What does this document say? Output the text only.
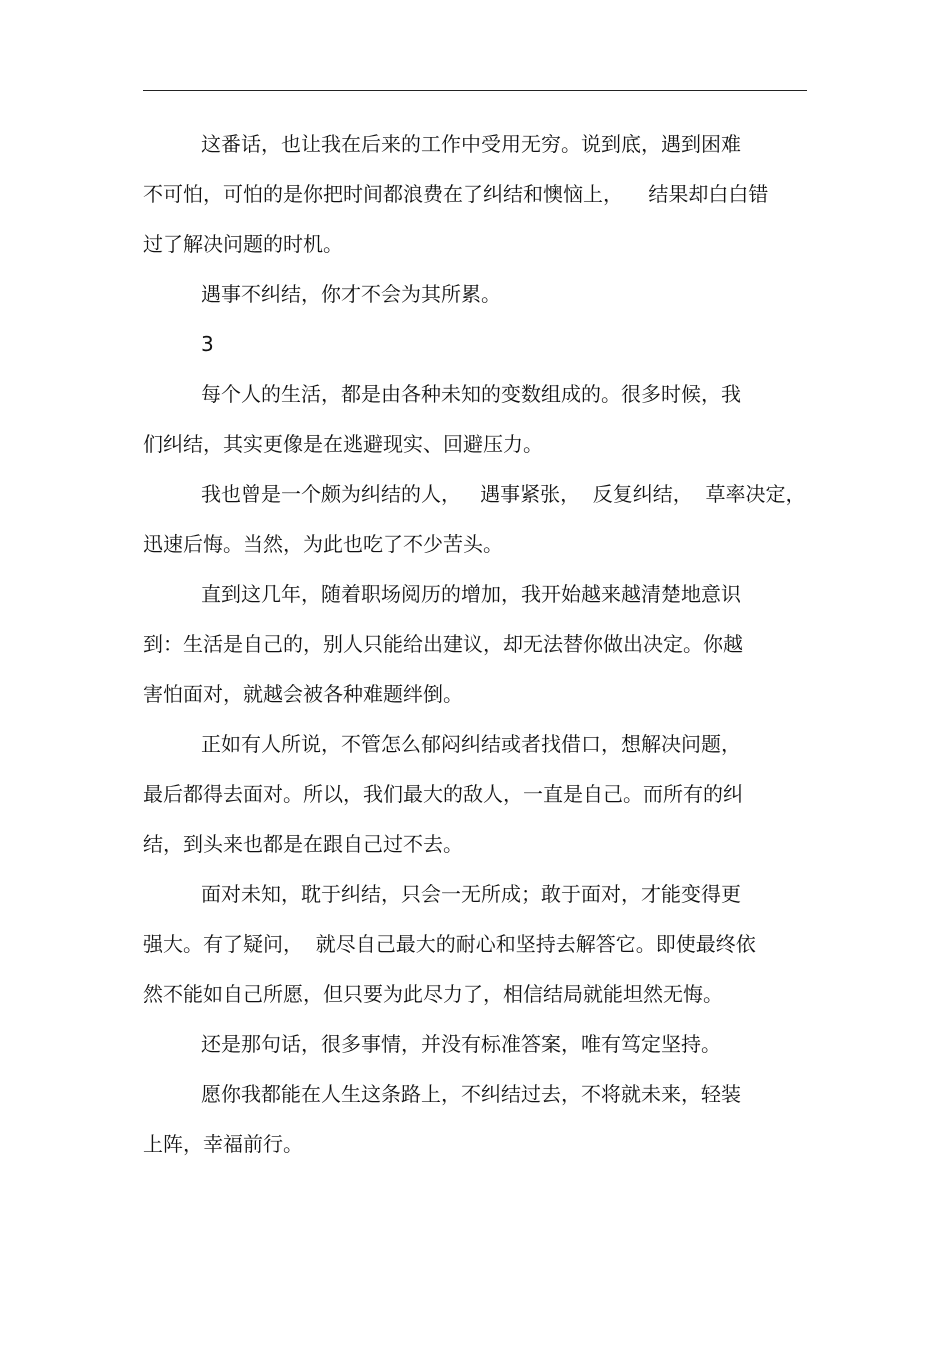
这番话，也让我在后来的工作中受用无穷。说到底，遇到困难

不可怕，可怕的是你把时间都浪费在了纠结和懊恼上，    结果却白白错

过了解决问题的时机。

遇事不纠结，你才不会为其所累。

3

每个人的生活，都是由各种未知的变数组成的。很多时候，我

们纠结，其实更像是在逃避现实、回避压力。

我也曾是一个颇为纠结的人，   遇事紧张，  反复纠结，  草率决定，

迅速后悔。当然，为此也吃了不少苦头。

直到这几年，随着职场阅历的增加，我开始越来越清楚地意识

到：生活是自己的，别人只能给出建议，却无法替你做出决定。你越

害怕面对，就越会被各种难题绊倒。

正如有人所说，不管怎么郁闷纠结或者找借口，想解决问题，

最后都得去面对。所以，我们最大的敌人，一直是自己。而所有的纠

结，到头来也都是在跟自己过不去。

面对未知，耽于纠结，只会一无所成；敢于面对，才能变得更

强大。有了疑问，  就尽自己最大的耐心和坚持去解答它。即使最终依

然不能如自己所愿，但只要为此尽力了，相信结局就能坦然无悔。

还是那句话，很多事情，并没有标准答案，唯有笃定坚持。

愿你我都能在人生这条路上，不纠结过去，不将就未来，轻装

上阵，幸福前行。
